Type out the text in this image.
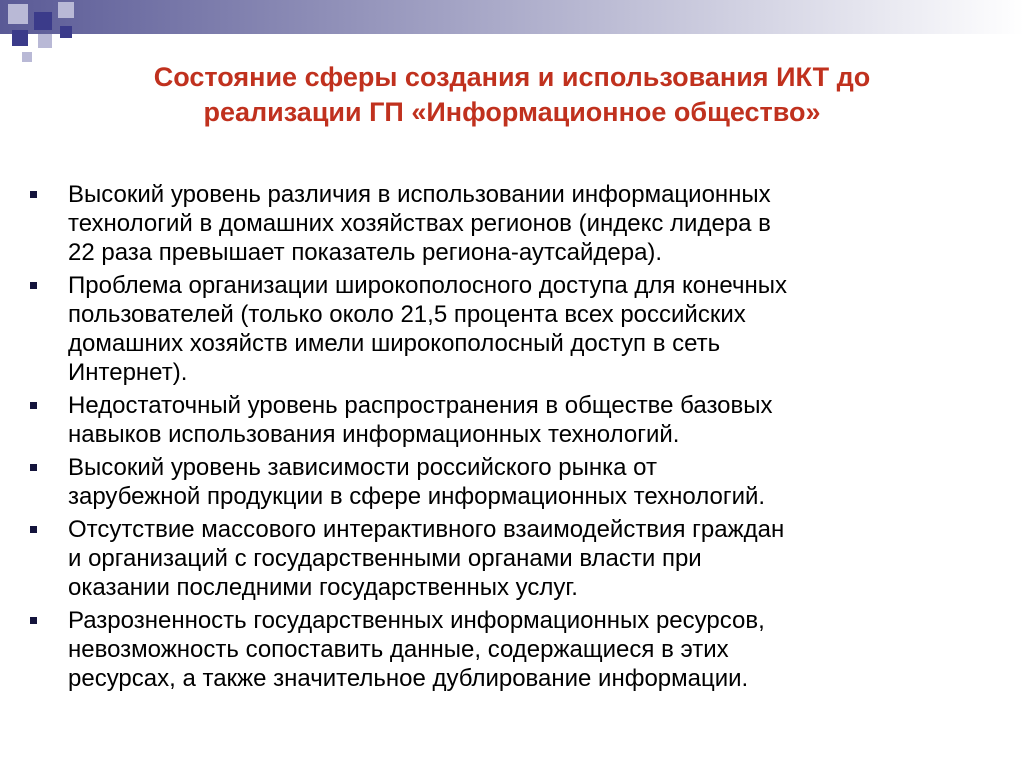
Состояние сферы создания и использования ИКТ до
реализации ГП «Информационное общество»
Высокий уровень различия в использовании информационных
технологий в домашних хозяйствах регионов (индекс лидера в
22 раза превышает показатель региона-аутсайдера).
Проблема организации широкополосного доступа для конечных
пользователей (только около 21,5 процента всех российских
домашних хозяйств имели широкополосный доступ в сеть
Интернет).
Недостаточный уровень распространения в обществе базовых
навыков использования информационных технологий.
Высокий уровень зависимости российского рынка от
зарубежной продукции в сфере информационных технологий.
Отсутствие массового интерактивного взаимодействия граждан
и организаций с государственными органами власти при
оказании последними государственных услуг.
Разрозненность государственных информационных ресурсов,
невозможность сопоставить данные, содержащиеся в этих
ресурсах, а также значительное дублирование информации.
